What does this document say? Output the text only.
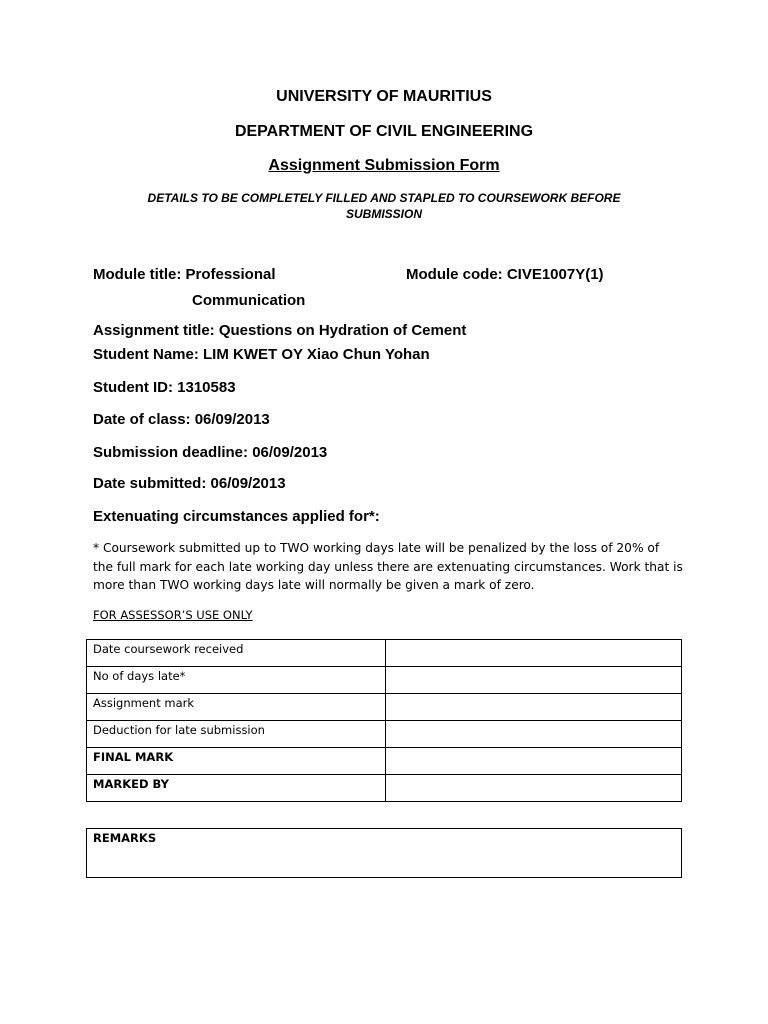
UNIVERSITY OF MAURITIUS
DEPARTMENT OF CIVIL ENGINEERING
Assignment Submission Form
DETAILS TO BE COMPLETELY FILLED AND STAPLED TO COURSEWORK BEFORE
SUBMISSION
Module title: Professional
Communication
Module code: CIVE1007Y(1)
Assignment title: Questions on Hydration of Cement
Student Name: LIM KWET OY Xiao Chun Yohan
Student ID: 1310583
Date of class: 06/09/2013
Submission deadline: 06/09/2013
Date submitted: 06/09/2013
Extenuating circumstances applied for*:
* Coursework submitted up to TWO working days late will be penalized by the loss of 20% of the full mark for each late working day unless there are extenuating circumstances. Work that is more than TWO working days late will normally be given a mark of zero.
FOR ASSESSOR’S USE ONLY
Date coursework received	
No of days late*	
Assignment mark	
Deduction for late submission	
FINAL MARK	
MARKED BY	
REMARKS
